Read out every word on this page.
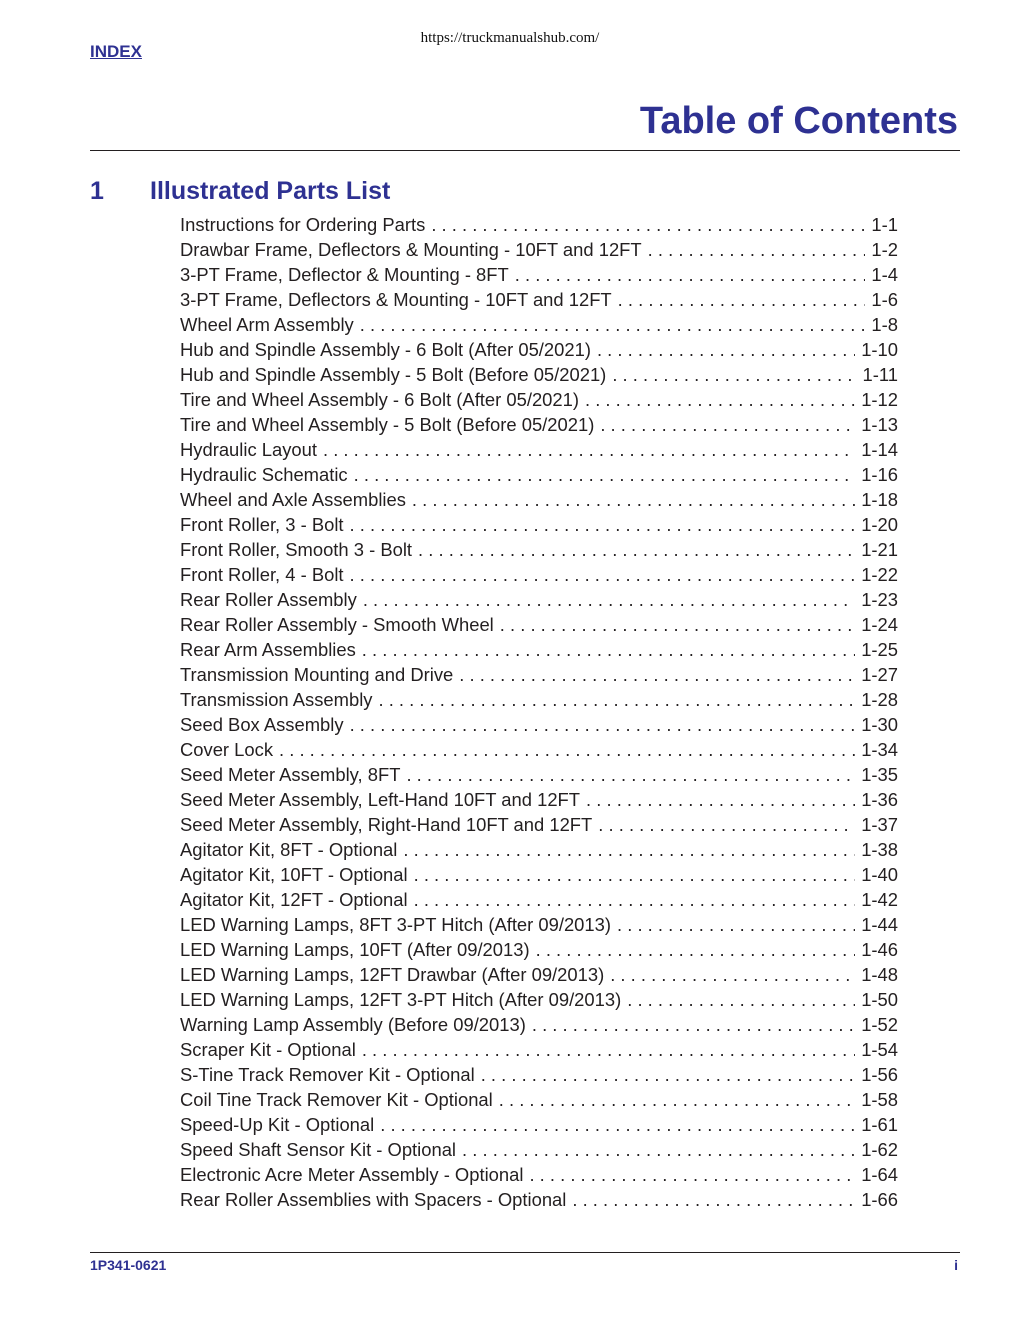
https://truckmanualshub.com/
INDEX
Table of Contents
1 Illustrated Parts List
Instructions for Ordering Parts . . .	1-1
Drawbar Frame, Deflectors & Mounting - 10FT and 12FT . . .	1-2
3-PT Frame, Deflector & Mounting - 8FT . . .	1-4
3-PT Frame, Deflectors & Mounting - 10FT and 12FT . . .	1-6
Wheel Arm Assembly . . .	1-8
Hub and Spindle Assembly - 6 Bolt (After 05/2021) . . .	1-10
Hub and Spindle Assembly - 5 Bolt (Before 05/2021) . . .	1-11
Tire and Wheel Assembly - 6 Bolt (After 05/2021) . . .	1-12
Tire and Wheel Assembly - 5 Bolt (Before 05/2021) . . .	1-13
Hydraulic Layout . . .	1-14
Hydraulic Schematic . . .	1-16
Wheel and Axle Assemblies . . .	1-18
Front Roller, 3 - Bolt . . .	1-20
Front Roller, Smooth 3 - Bolt . . .	1-21
Front Roller, 4 - Bolt . . .	1-22
Rear Roller Assembly . . .	1-23
Rear Roller Assembly - Smooth Wheel . . .	1-24
Rear Arm Assemblies . . .	1-25
Transmission Mounting and Drive . . .	1-27
Transmission Assembly . . .	1-28
Seed Box Assembly . . .	1-30
Cover Lock . . .	1-34
Seed Meter Assembly, 8FT . . .	1-35
Seed Meter Assembly, Left-Hand 10FT and 12FT . . .	1-36
Seed Meter Assembly, Right-Hand 10FT and 12FT . . .	1-37
Agitator Kit, 8FT - Optional . . .	1-38
Agitator Kit, 10FT - Optional . . .	1-40
Agitator Kit, 12FT - Optional . . .	1-42
LED Warning Lamps, 8FT 3-PT Hitch (After 09/2013) . . .	1-44
LED Warning Lamps, 10FT (After 09/2013) . . .	1-46
LED Warning Lamps, 12FT Drawbar (After 09/2013) . . .	1-48
LED Warning Lamps, 12FT 3-PT Hitch (After 09/2013) . . .	1-50
Warning Lamp Assembly (Before 09/2013) . . .	1-52
Scraper Kit - Optional . . .	1-54
S-Tine Track Remover Kit - Optional . . .	1-56
Coil Tine Track Remover Kit - Optional . . .	1-58
Speed-Up Kit - Optional . . .	1-61
Speed Shaft Sensor Kit - Optional . . .	1-62
Electronic Acre Meter Assembly - Optional . . .	1-64
Rear Roller Assemblies with Spacers - Optional . . .	1-66
1P341-0621	i
